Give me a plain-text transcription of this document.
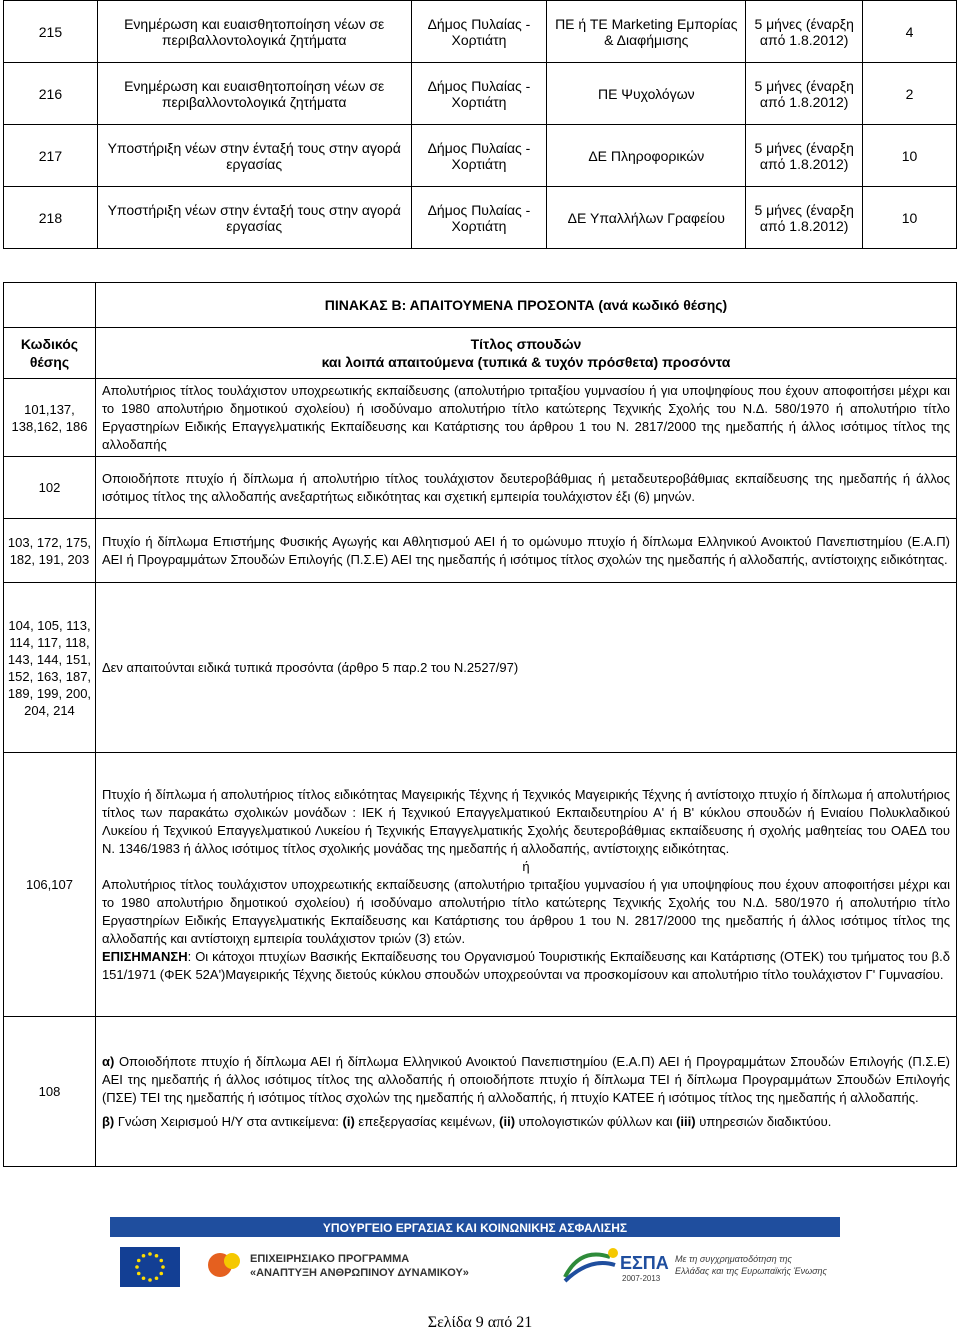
215	Ενημέρωση και ευαισθητοποίηση νέων σε περιβαλλοντολογικά ζητήματα	Δήμος Πυλαίας - Χορτιάτη	ΠΕ ή ΤΕ Marketing Εμπορίας & Διαφήμισης	5 μήνες (έναρξη από 1.8.2012)	4
216	Ενημέρωση και ευαισθητοποίηση νέων σε περιβαλλοντολογικά ζητήματα	Δήμος Πυλαίας - Χορτιάτη	ΠΕ Ψυχολόγων	5 μήνες (έναρξη από 1.8.2012)	2
217	Υποστήριξη νέων στην ένταξή τους στην αγορά εργασίας	Δήμος Πυλαίας - Χορτιάτη	ΔΕ Πληροφορικών	5 μήνες (έναρξη από 1.8.2012)	10
218	Υποστήριξη νέων στην ένταξή τους στην αγορά εργασίας	Δήμος Πυλαίας - Χορτιάτη	ΔΕ Υπαλλήλων Γραφείου	5 μήνες (έναρξη από 1.8.2012)	10
	ΠΙΝΑΚΑΣ Β: ΑΠΑΙΤΟΥΜΕΝΑ ΠΡΟΣΟΝΤΑ (ανά κωδικό θέσης)
Κωδικός θέσης	Τίτλος σπουδών
και λοιπά απαιτούμενα (τυπικά & τυχόν πρόσθετα) προσόντα

101,137, 138,162, 186	Απολυτήριος τίτλος τουλάχιστον υποχρεωτικής εκπαίδευσης (απολυτήριο τριταξίου γυμνασίου ή για υποψηφίους που έχουν αποφοιτήσει μέχρι και το 1980 απολυτήριο δημοτικού σχολείου) ή ισοδύναμο απολυτήριο τίτλο κατώτερης Τεχνικής Σχολής του Ν.Δ. 580/1970 ή απολυτήριο τίτλο Εργαστηρίων Ειδικής Επαγγελματικής Εκπαίδευσης και Κατάρτισης του άρθρου 1 του Ν. 2817/2000 της ημεδαπής ή άλλος ισότιμος τίτλος της αλλοδαπής
102	Οποιοδήποτε πτυχίο ή δίπλωμα ή απολυτήριο τίτλος τουλάχιστον δευτεροβάθμιας ή μεταδευτεροβάθμιας εκπαίδευσης της ημεδαπής ή άλλος ισότιμος τίτλος της αλλοδαπής ανεξαρτήτως ειδικότητας και σχετική εμπειρία τουλάχιστον έξι (6) μηνών.
103, 172, 175, 182, 191, 203	Πτυχίο ή δίπλωμα Επιστήμης Φυσικής Αγωγής και Αθλητισμού ΑΕΙ ή το ομώνυμο πτυχίο ή δίπλωμα Ελληνικού Ανοικτού Πανεπιστημίου (Ε.Α.Π) ΑΕΙ ή Προγραμμάτων Σπουδών Επιλογής (Π.Σ.Ε) ΑΕΙ της ημεδαπής ή ισότιμος τίτλος σχολών της ημεδαπής ή αλλοδαπής, αντίστοιχης ειδικότητας.
104, 105, 113, 114, 117, 118, 143, 144, 151, 152, 163, 187, 189, 199, 200, 204, 214	Δεν απαιτούνται ειδικά τυπικά προσόντα (άρθρο 5 παρ.2 του Ν.2527/97)
106,107	Πτυχίο ή δίπλωμα ή απολυτήριος τίτλος ειδικότητας Μαγειρικής Τέχνης ή Τεχνικός Μαγειρικής Τέχνης ή αντίστοιχο πτυχίο ή δίπλωμα ή απολυτήριος τίτλος των παρακάτω σχολικών μονάδων : ΙΕΚ ή Τεχνικού Επαγγελματικού Εκπαιδευτηρίου Α' ή Β' κύκλου σπουδών ή Ενιαίου Πολυκλαδικού Λυκείου ή Τεχνικού Επαγγελματικού Λυκείου ή Τεχνικής Επαγγελματικής Σχολής δευτεροβάθμιας εκπαίδευσης ή σχολής μαθητείας του ΟΑΕΔ του Ν. 1346/1983 ή άλλος ισότιμος τίτλος σχολικής μονάδας της ημεδαπής ή αλλοδαπής, αντίστοιχης ειδικότητας.

ή

Απολυτήριος τίτλος τουλάχιστον υποχρεωτικής εκπαίδευσης (απολυτήριο τριταξίου γυμνασίου ή για υποψηφίους που έχουν αποφοιτήσει μέχρι και το 1980 απολυτήριο δημοτικού σχολείου) ή ισοδύναμο απολυτήριο τίτλο κατώτερης Τεχνικής Σχολής του Ν.Δ. 580/1970 ή απολυτήριο τίτλο Εργαστηρίων Ειδικής Επαγγελματικής Εκπαίδευσης και Κατάρτισης του άρθρου 1 του Ν. 2817/2000 της ημεδαπής ή άλλος ισότιμος τίτλος της αλλοδαπής και αντίστοιχη εμπειρία τουλάχιστον τριών (3) ετών.

ΕΠΙΣΗΜΑΝΣΗ: Οι κάτοχοι πτυχίων Βασικής Εκπαίδευσης του Οργανισμού Τουριστικής Εκπαίδευσης και Κατάρτισης (ΟΤΕΚ) του τμήματος του β.δ 151/1971 (ΦΕΚ 52Α')Μαγειρικής Τέχνης διετούς κύκλου σπουδών υποχρεούνται να προσκομίσουν και απολυτήριο τίτλο τουλάχιστον Γ' Γυμνασίου.

108	α) Οποιοδήποτε πτυχίο ή δίπλωμα ΑΕΙ ή δίπλωμα Ελληνικού Ανοικτού Πανεπιστημίου (Ε.Α.Π) ΑΕΙ ή Προγραμμάτων Σπουδών Επιλογής (Π.Σ.Ε) ΑΕΙ της ημεδαπής ή άλλος ισότιμος τίτλος της αλλοδαπής ή οποιοδήποτε πτυχίο ή δίπλωμα ΤΕΙ ή δίπλωμα Προγραμμάτων Σπουδών Επιλογής (ΠΣΕ) ΤΕΙ της ημεδαπής ή ισότιμος τίτλος σχολών της ημεδαπής ή αλλοδαπής, ή πτυχίο ΚΑΤΕΕ ή ισότιμος τίτλος της ημεδαπής ή αλλοδαπής.

β) Γνώση Χειρισμού Η/Υ στα αντικείμενα: (i) επεξεργασίας κειμένων, (ii) υπολογιστικών φύλλων και (iii) υπηρεσιών διαδικτύου.

ΥΠΟΥΡΓΕΙΟ ΕΡΓΑΣΙΑΣ ΚΑΙ ΚΟΙΝΩΝΙΚΗΣ ΑΣΦΑΛΙΣΗΣ
ΕΠΙΧΕΙΡΗΣΙΑΚΟ ΠΡΟΓΡΑΜΜΑ
«ΑΝΑΠΤΥΞΗ ΑΝΘΡΩΠΙΝΟΥ ΔΥΝΑΜΙΚΟΥ»	ΕΣΠΑ
2007-2013
Με τη συγχρηματοδότηση της Ελλάδας και της Ευρωπαϊκής Ένωσης
Σελίδα 9 από 21
